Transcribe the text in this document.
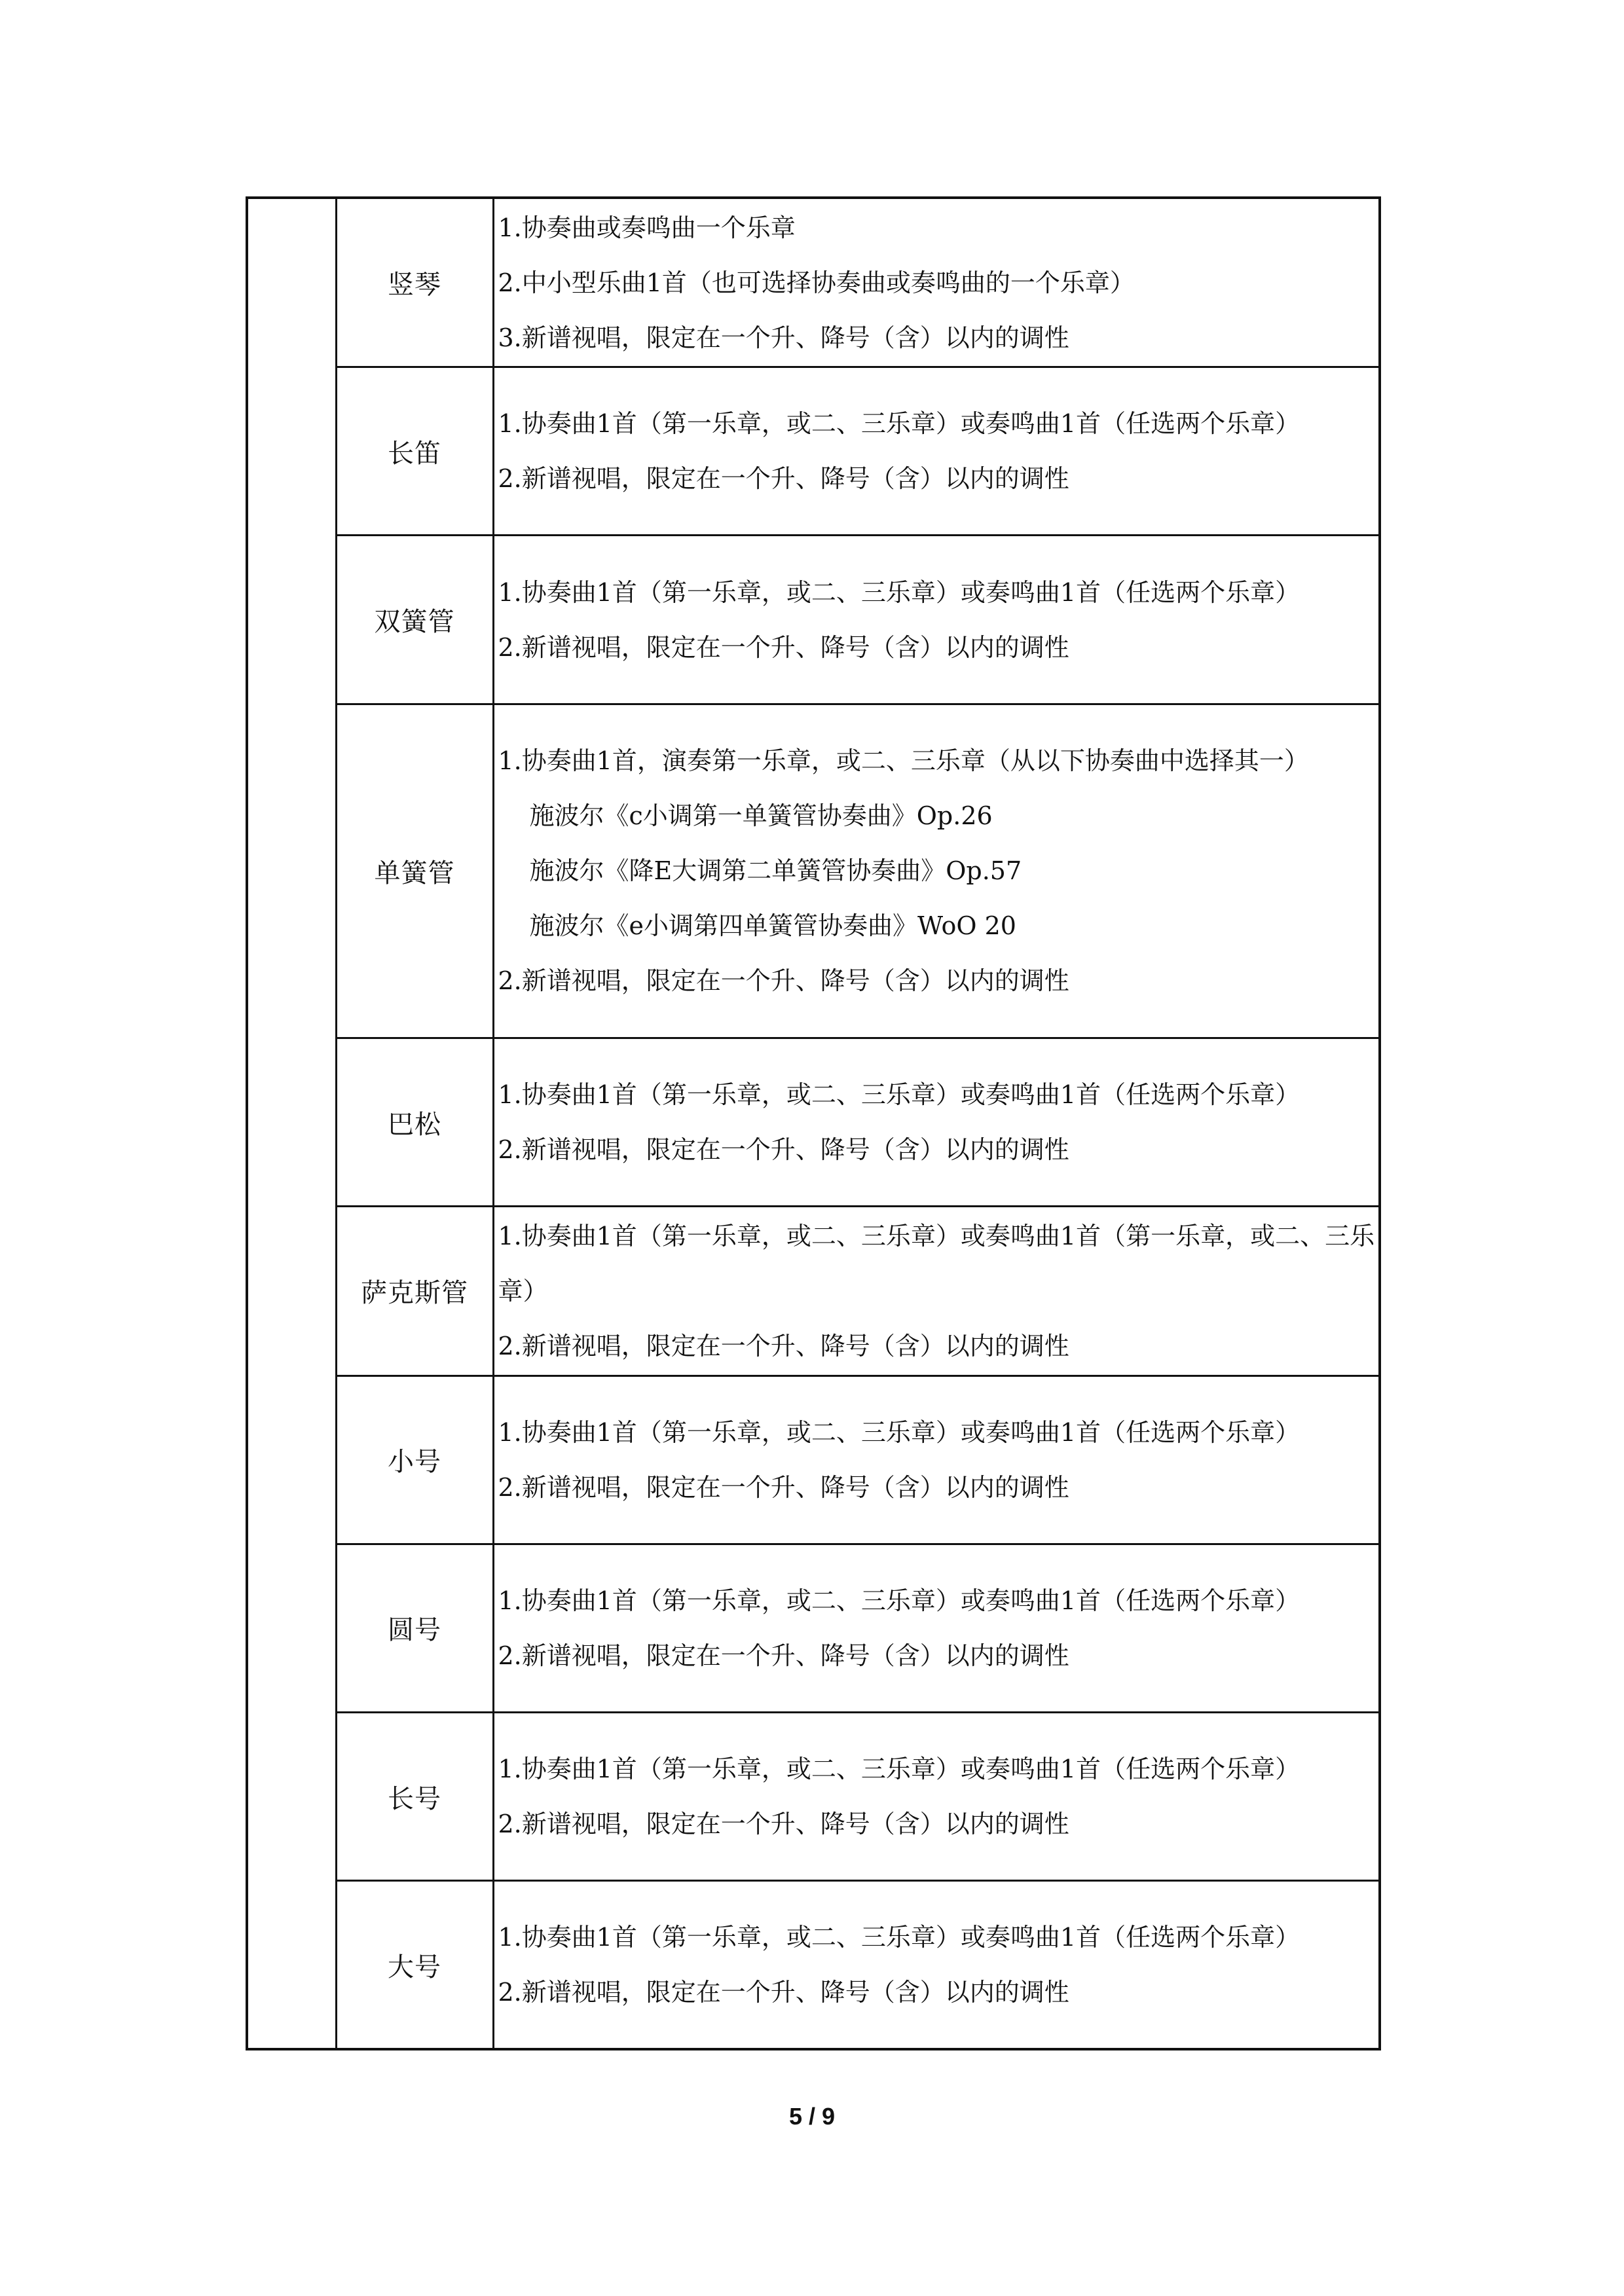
	竖琴	1.协奏曲或奏鸣曲一个乐章
2.中小型乐曲1首（也可选择协奏曲或奏鸣曲的一个乐章）
3.新谱视唱，限定在一个升、降号（含）以内的调性

	长笛	1.协奏曲1首（第一乐章，或二、三乐章）或奏鸣曲1首（任选两个乐章）
2.新谱视唱，限定在一个升、降号（含）以内的调性

	双簧管	1.协奏曲1首（第一乐章，或二、三乐章）或奏鸣曲1首（任选两个乐章）
2.新谱视唱，限定在一个升、降号（含）以内的调性

	单簧管	1.协奏曲1首，演奏第一乐章，或二、三乐章（从以下协奏曲中选择其一）
施波尔《c小调第一单簧管协奏曲》Op.26
施波尔《降E大调第二单簧管协奏曲》Op.57
施波尔《e小调第四单簧管协奏曲》WoO 20
2.新谱视唱，限定在一个升、降号（含）以内的调性

	巴松	1.协奏曲1首（第一乐章，或二、三乐章）或奏鸣曲1首（任选两个乐章）
2.新谱视唱，限定在一个升、降号（含）以内的调性

	萨克斯管	1.协奏曲1首（第一乐章，或二、三乐章）或奏鸣曲1首（第一乐章，或二、三乐章）
2.新谱视唱，限定在一个升、降号（含）以内的调性

	小号	1.协奏曲1首（第一乐章，或二、三乐章）或奏鸣曲1首（任选两个乐章）
2.新谱视唱，限定在一个升、降号（含）以内的调性

	圆号	1.协奏曲1首（第一乐章，或二、三乐章）或奏鸣曲1首（任选两个乐章）
2.新谱视唱，限定在一个升、降号（含）以内的调性

	长号	1.协奏曲1首（第一乐章，或二、三乐章）或奏鸣曲1首（任选两个乐章）
2.新谱视唱，限定在一个升、降号（含）以内的调性

	大号	1.协奏曲1首（第一乐章，或二、三乐章）或奏鸣曲1首（任选两个乐章）
2.新谱视唱，限定在一个升、降号（含）以内的调性
5 / 9
